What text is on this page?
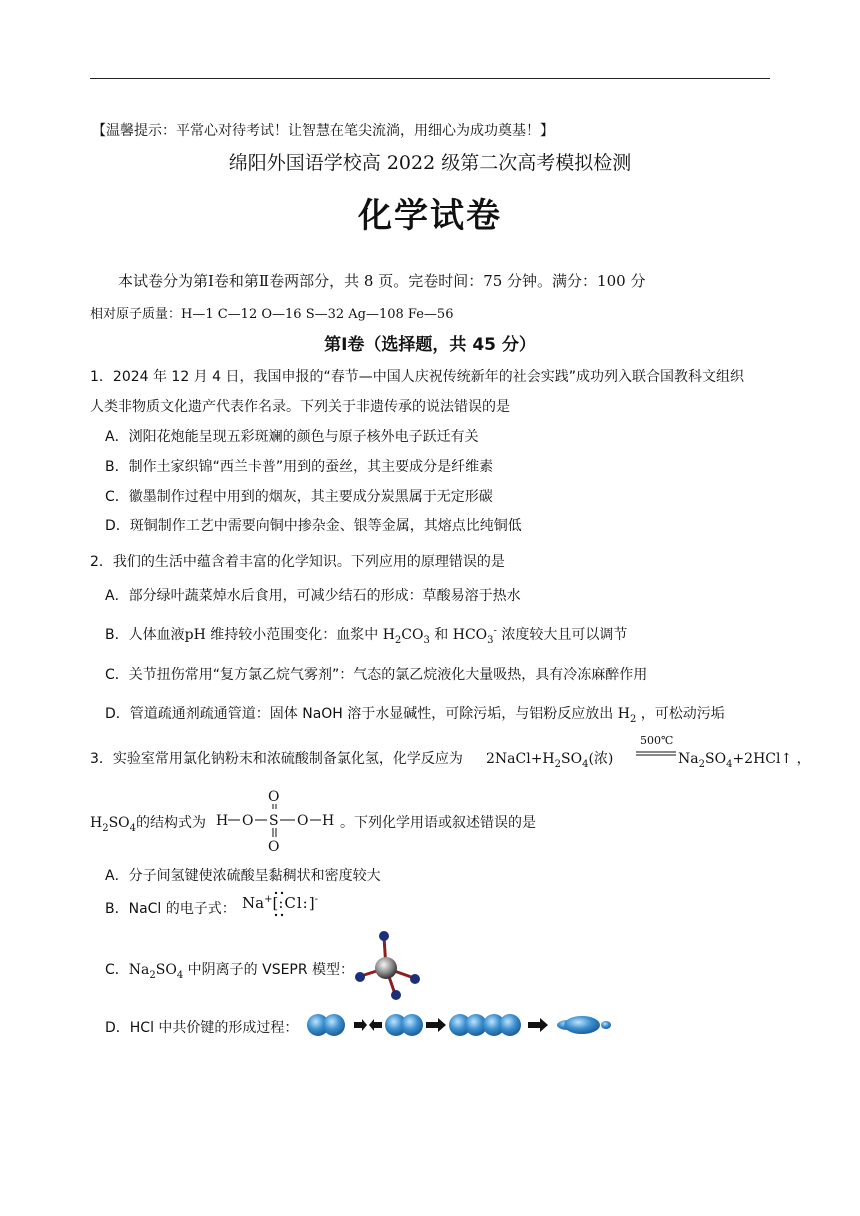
【温馨提示：平常心对待考试！让智慧在笔尖流淌，用细心为成功奠基！】
绵阳外国语学校高 2022 级第二次高考模拟检测
化学试卷
本试卷分为第Ⅰ卷和第Ⅱ卷两部分，共 8 页。完卷时间：75 分钟。满分：100 分
相对原子质量：H—1 C—12 O—16 S—32 Ag—108 Fe—56
第Ⅰ卷（选择题，共 45 分）
1．2024 年 12 月 4 日，我国申报的“春节—中国人庆祝传统新年的社会实践”成功列入联合国教科文组织
人类非物质文化遗产代表作名录。下列关于非遗传承的说法错误的是
A．浏阳花炮能呈现五彩斑斓的颜色与原子核外电子跃迁有关
B．制作土家织锦“西兰卡普”用到的蚕丝，其主要成分是纤维素
C．徽墨制作过程中用到的烟灰，其主要成分炭黑属于无定形碳
D．斑铜制作工艺中需要向铜中掺杂金、银等金属，其熔点比纯铜低
2．我们的生活中蕴含着丰富的化学知识。下列应用的原理错误的是
A．部分绿叶蔬菜焯水后食用，可减少结石的形成：草酸易溶于热水
B．人体血液pH 维持较小范围变化：血浆中 $H_2CO_3$ 和 $HCO_3^-$ 浓度较大且可以调节
C．关节扭伤常用“复方氯乙烷气雾剂”：气态的氯乙烷液化大量吸热，具有冷冻麻醉作用
D．管道疏通剂疏通管道：固体 NaOH 溶于水显碱性，可除污垢，与铝粉反应放出 $H_2$ ，可松动污垢
3．实验室常用氯化钠粉末和浓硫酸制备氯化氢，化学反应为 $2NaCl+H_2SO_4$(浓)
500℃
$Na_2SO_4+2HCl↑$ ，
$H_2SO_4$的结构式为 H
O
O
S
O	O H 。下列化学用语或叙述错误的是
A．分子间氢键使浓硫酸呈黏稠状和密度较大
B．NaCl 的电子式： Na+[:Cl:]-
C．$Na_2SO_4$ 中阴离子的 VSEPR 模型：
D．HCl 中共价键的形成过程：
